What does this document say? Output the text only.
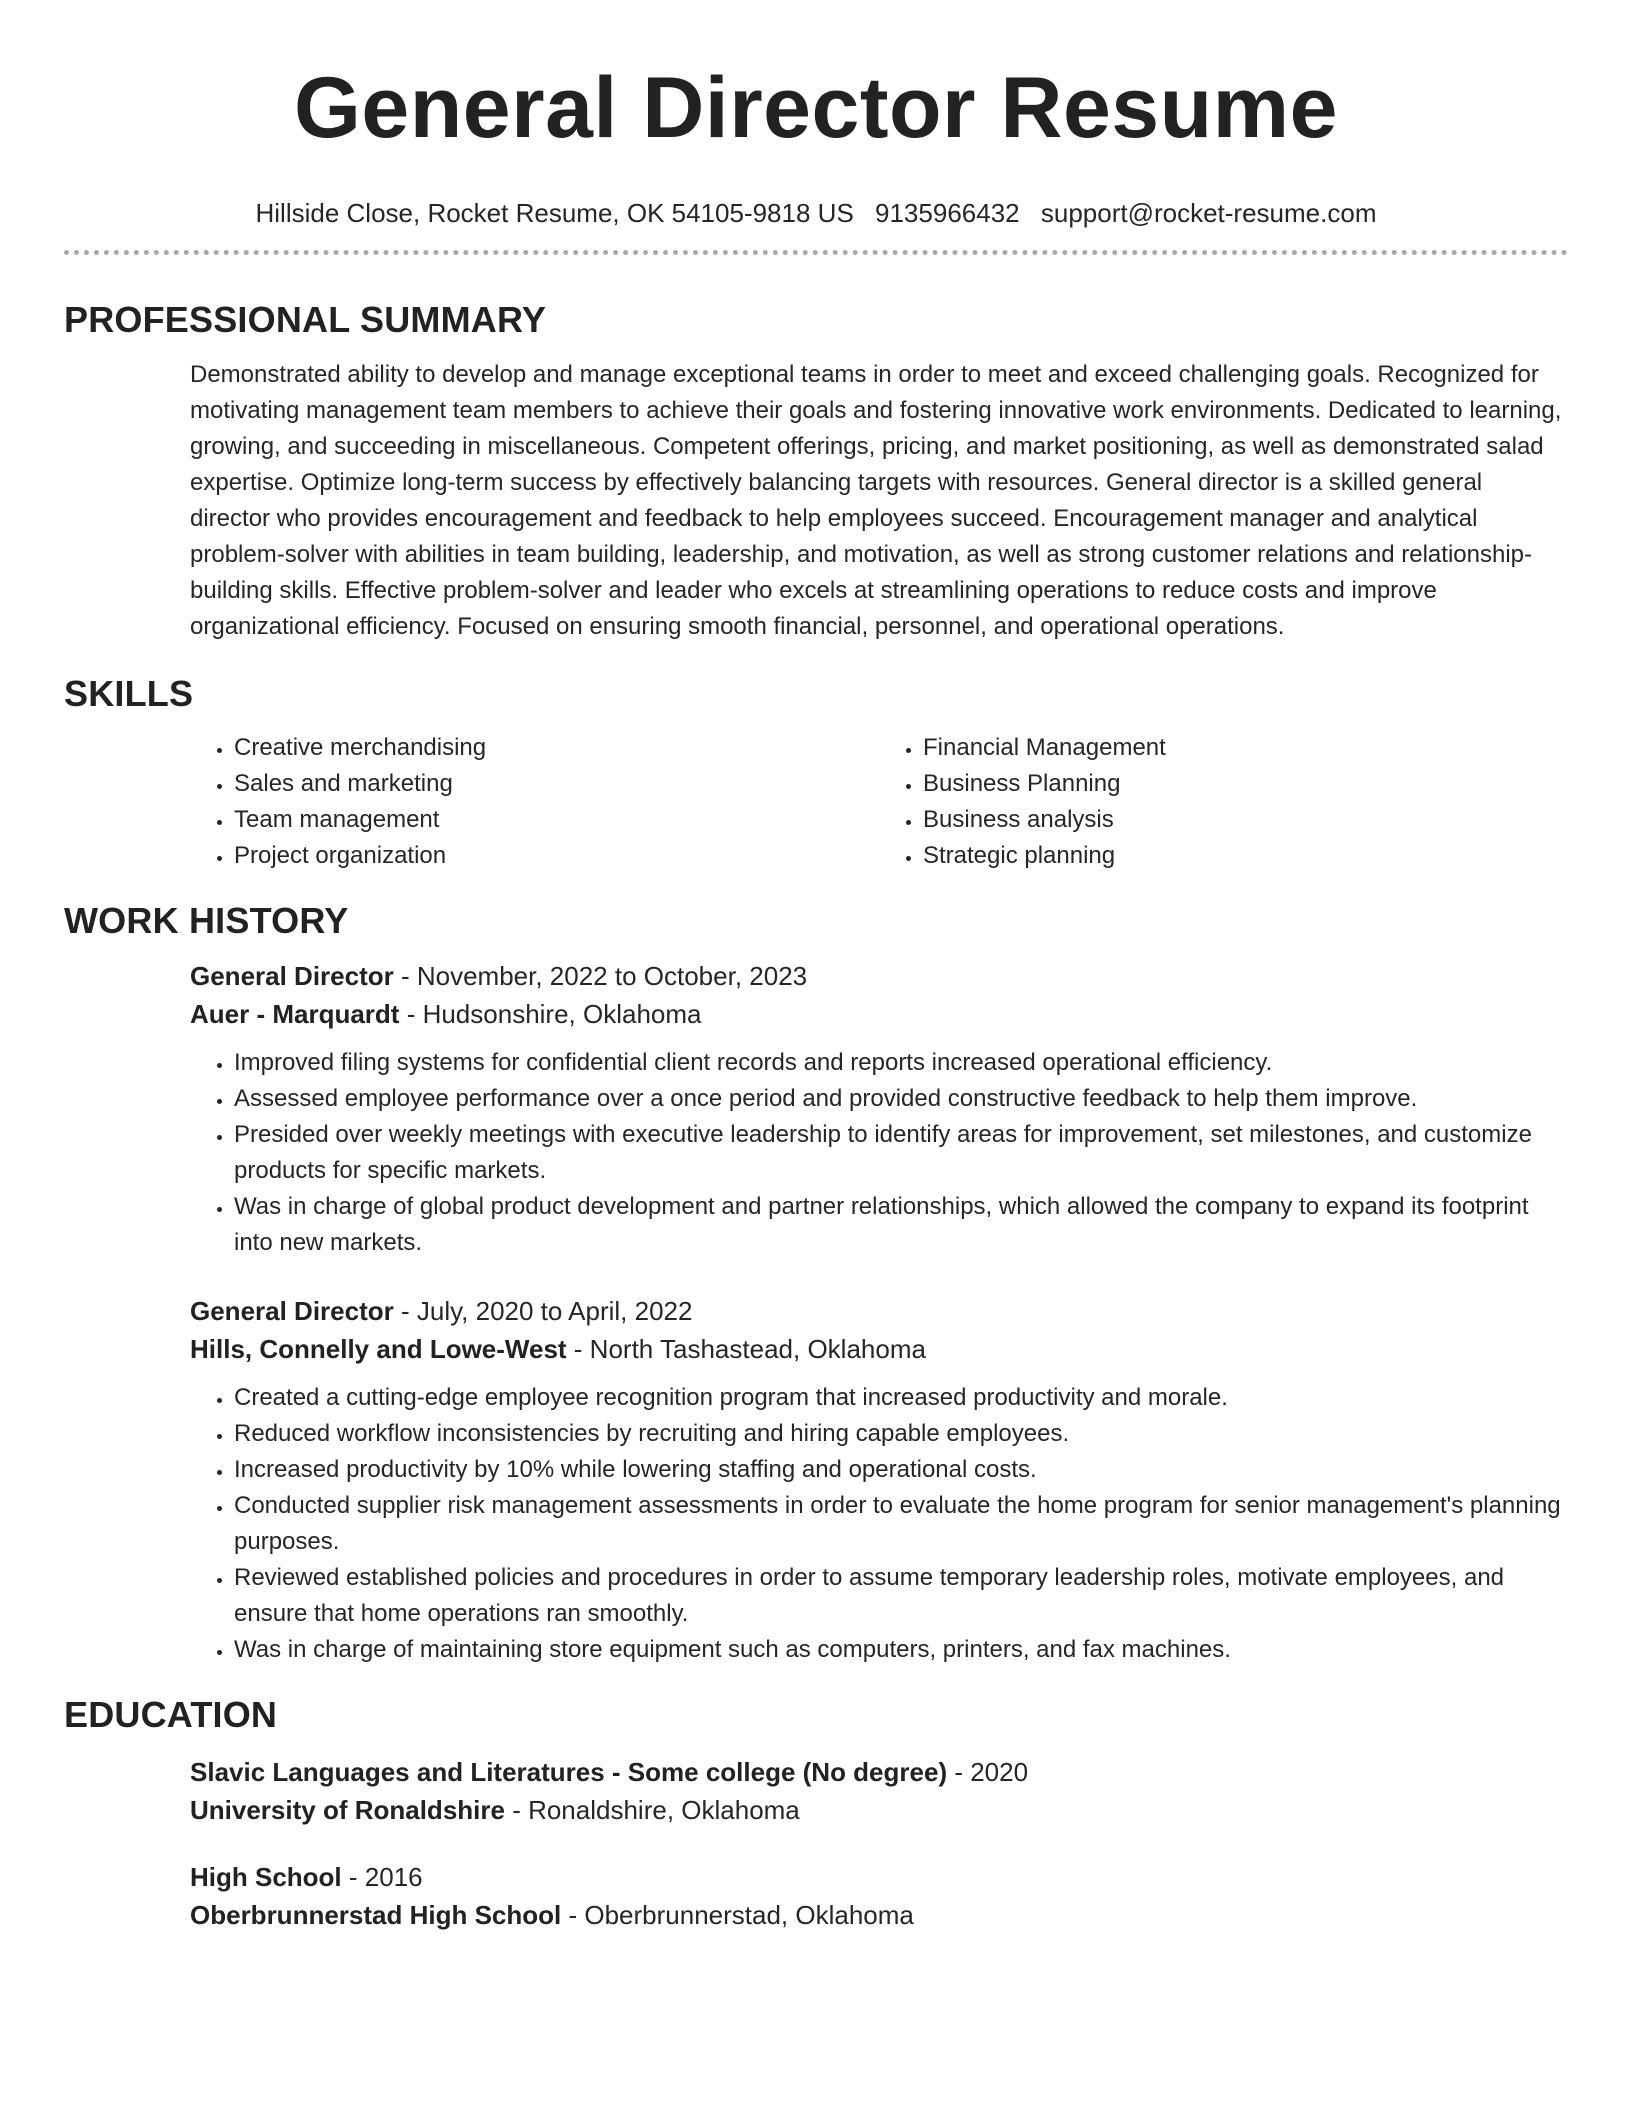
General Director Resume
Hillside Close, Rocket Resume, OK 54105-9818 US 9135966432 support@rocket-resume.com
PROFESSIONAL SUMMARY

Demonstrated ability to develop and manage exceptional teams in order to meet and exceed challenging goals. Recognized for motivating management team members to achieve their goals and fostering innovative work environments. Dedicated to learning, growing, and succeeding in miscellaneous. Competent offerings, pricing, and market positioning, as well as demonstrated salad expertise. Optimize long-term success by effectively balancing targets with resources. General director is a skilled general director who provides encouragement and feedback to help employees succeed. Encouragement manager and analytical problem-solver with abilities in team building, leadership, and motivation, as well as strong customer relations and relationship-building skills. Effective problem-solver and leader who excels at streamlining operations to reduce costs and improve organizational efficiency. Focused on ensuring smooth financial, personnel, and operational operations.

SKILLS
• Creative merchandising
• Sales and marketing
• Team management
• Project organization
• Financial Management
• Business Planning
• Business analysis
• Strategic planning
WORK HISTORY
General Director - November, 2022 to October, 2023
Auer - Marquardt - Hudsonshire, Oklahoma
• Improved filing systems for confidential client records and reports increased operational efficiency.
• Assessed employee performance over a once period and provided constructive feedback to help them improve.
• Presided over weekly meetings with executive leadership to identify areas for improvement, set milestones, and customize products for specific markets.
• Was in charge of global product development and partner relationships, which allowed the company to expand its footprint into new markets.
General Director - July, 2020 to April, 2022
Hills, Connelly and Lowe-West - North Tashastead, Oklahoma
• Created a cutting-edge employee recognition program that increased productivity and morale.
• Reduced workflow inconsistencies by recruiting and hiring capable employees.
• Increased productivity by 10% while lowering staffing and operational costs.
• Conducted supplier risk management assessments in order to evaluate the home program for senior management's planning purposes.
• Reviewed established policies and procedures in order to assume temporary leadership roles, motivate employees, and ensure that home operations ran smoothly.
• Was in charge of maintaining store equipment such as computers, printers, and fax machines.
EDUCATION
Slavic Languages and Literatures - Some college (No degree) - 2020
University of Ronaldshire - Ronaldshire, Oklahoma
High School - 2016
Oberbrunnerstad High School - Oberbrunnerstad, Oklahoma
